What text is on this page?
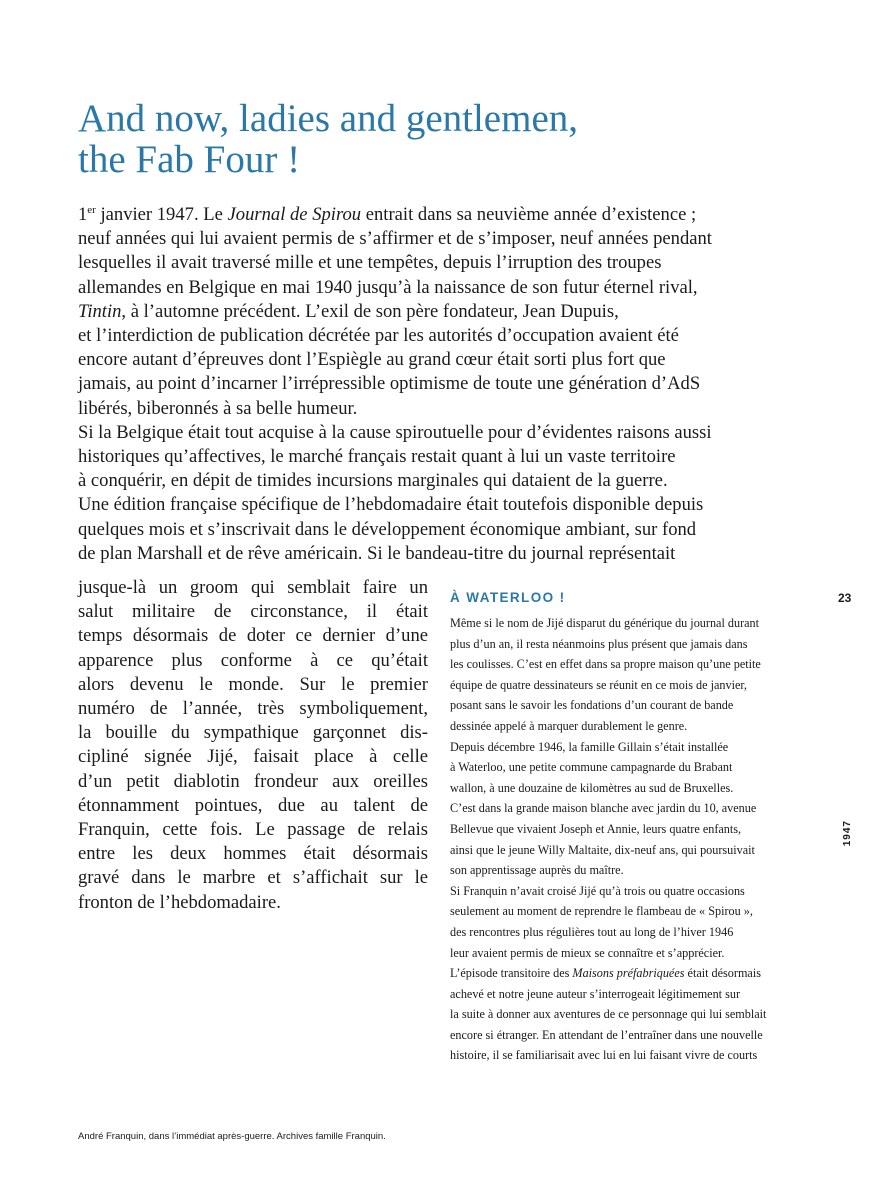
And now, ladies and gentlemen,
the Fab Four !
1er janvier 1947. Le Journal de Spirou entrait dans sa neuvième année d’existence ;
neuf années qui lui avaient permis de s’affirmer et de s’imposer, neuf années pendant
lesquelles il avait traversé mille et une tempêtes, depuis l’irruption des troupes
allemandes en Belgique en mai 1940 jusqu’à la naissance de son futur éternel rival,
Tintin, à l’automne précédent. L’exil de son père fondateur, Jean Dupuis,
et l’interdiction de publication décrétée par les autorités d’occupation avaient été
encore autant d’épreuves dont l’Espiègle au grand cœur était sorti plus fort que
jamais, au point d’incarner l’irrépressible optimisme de toute une génération d’AdS
libérés, biberonnés à sa belle humeur.
Si la Belgique était tout acquise à la cause spiroutuelle pour d’évidentes raisons aussi
historiques qu’affectives, le marché français restait quant à lui un vaste territoire
à conquérir, en dépit de timides incursions marginales qui dataient de la guerre.
Une édition française spécifique de l’hebdomadaire était toutefois disponible depuis
quelques mois et s’inscrivait dans le développement économique ambiant, sur fond
de plan Marshall et de rêve américain. Si le bandeau-titre du journal représentait
jusque-là un groom qui semblait faire un
salut militaire de circonstance, il était
temps désormais de doter ce dernier d’une
apparence plus conforme à ce qu’était
alors devenu le monde. Sur le premier
numéro de l’année, très symboliquement,
la bouille du sympathique garçonnet dis-
cipliné signée Jijé, faisait place à celle
d’un petit diablotin frondeur aux oreilles
étonnamment pointues, due au talent de
Franquin, cette fois. Le passage de relais
entre les deux hommes était désormais
gravé dans le marbre et s’affichait sur le
fronton de l’hebdomadaire.
À WATERLOO !
Même si le nom de Jijé disparut du générique du journal durant
plus d’un an, il resta néanmoins plus présent que jamais dans
les coulisses. C’est en effet dans sa propre maison qu’une petite
équipe de quatre dessinateurs se réunit en ce mois de janvier,
posant sans le savoir les fondations d’un courant de bande
dessinée appelé à marquer durablement le genre.
Depuis décembre 1946, la famille Gillain s’était installée
à Waterloo, une petite commune campagnarde du Brabant
wallon, à une douzaine de kilomètres au sud de Bruxelles.
C’est dans la grande maison blanche avec jardin du 10, avenue
Bellevue que vivaient Joseph et Annie, leurs quatre enfants,
ainsi que le jeune Willy Maltaite, dix-neuf ans, qui poursuivait
son apprentissage auprès du maître.
Si Franquin n’avait croisé Jijé qu’à trois ou quatre occasions
seulement au moment de reprendre le flambeau de « Spirou »,
des rencontres plus régulières tout au long de l’hiver 1946
leur avaient permis de mieux se connaître et s’apprécier.
L’épisode transitoire des Maisons préfabriquées était désormais
achevé et notre jeune auteur s’interrogeait légitimement sur
la suite à donner aux aventures de ce personnage qui lui semblait
encore si étranger. En attendant de l’entraîner dans une nouvelle
histoire, il se familiarisait avec lui en lui faisant vivre de courts
23
1947
André Franquin, dans l’immédiat après-guerre. Archives famille Franquin.
